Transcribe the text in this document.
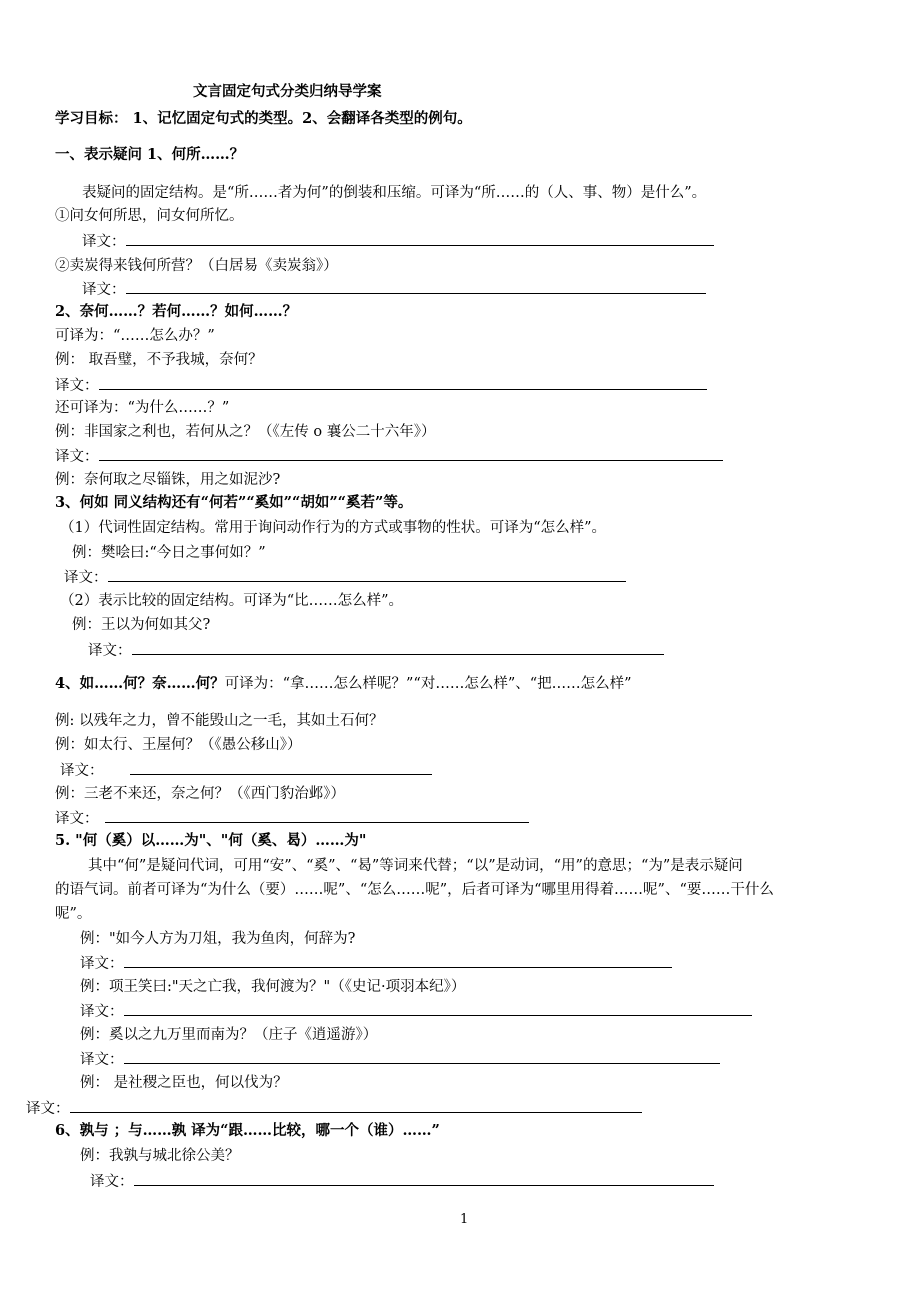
文言固定句式分类归纳导学案
学习目标： 1、记忆固定句式的类型。2、会翻译各类型的例句。
一、表示疑问 1、何所……？
表疑问的固定结构。是“所……者为何”的倒装和压缩。可译为“所……的（人、事、物）是什么”。
①问女何所思，问女何所忆。
译文：
②卖炭得来钱何所营？（白居易《卖炭翁》）
译文：
2、奈何……？若何……？如何……？
可译为：“……怎么办？”
例： 取吾璧，不予我城，奈何？
译文：
还可译为：“为什么……？”
例：非国家之利也，若何从之？（《左传 o 襄公二十六年》）
译文：
例：奈何取之尽锱铢，用之如泥沙?
3、何如 同义结构还有“何若”“奚如”“胡如”“奚若”等。
（1）代词性固定结构。常用于询问动作行为的方式或事物的性状。可译为“怎么样”。
例：樊哙曰:“今日之事何如？”
译文：
（2）表示比较的固定结构。可译为“比……怎么样”。
例：王以为何如其父?
译文：
4、如……何？奈……何？可译为：“拿……怎么样呢？”“对……怎么样”、“把……怎么样”
例: 以残年之力，曾不能毁山之一毛，其如土石何？
例：如太行、王屋何？（《愚公移山》）
译文：
例：三老不来还，奈之何？（《西门豹治邺》）
译文：
5. "何（奚）以……为"、"何（奚、曷）……为"
其中“何”是疑问代词，可用“安”、“奚”、“曷”等词来代替；“以”是动词，“用”的意思；“为”是表示疑问
的语气词。前者可译为“为什么（要）……呢”、“怎么……呢”，后者可译为“哪里用得着……呢”、“要……干什么
呢”。
例："如今人方为刀俎，我为鱼肉，何辞为?
译文：
例：项王笑曰:"天之亡我，我何渡为？"（《史记·项羽本纪》）
译文：
例：奚以之九万里而南为？（庄子《逍遥游》）
译文：
例： 是社稷之臣也，何以伐为？
译文：
6、孰与 ；与……孰 译为“跟……比较，哪一个（谁）……”
例：我孰与城北徐公美？
译文：
1
